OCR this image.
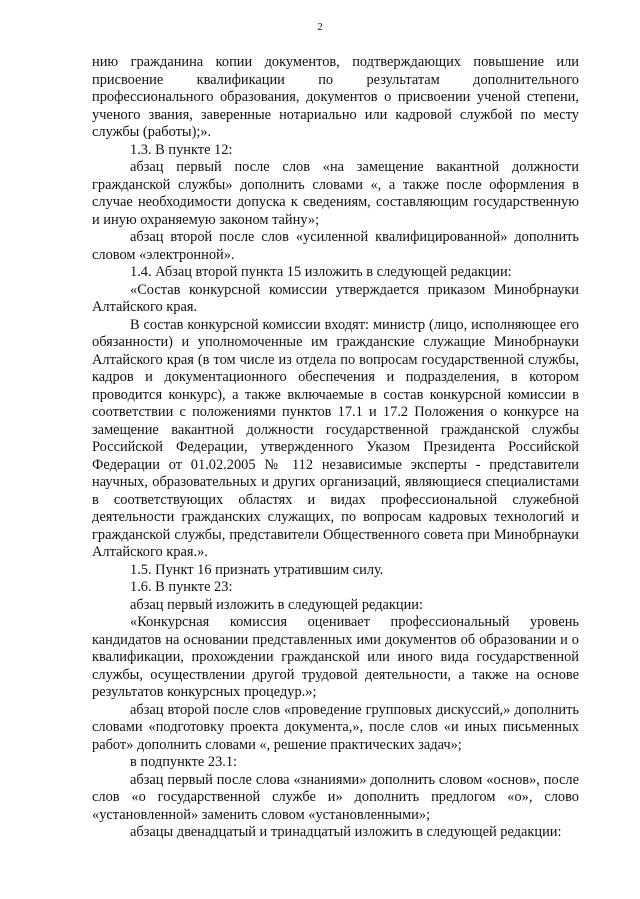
2

нию гражданина копии документов, подтверждающих повышение или присвоение квалификации по результатам дополнительного профессионального образования, документов о присвоении ученой степени, ученого звания, заверенные нотариально или кадровой службой по месту службы (работы);».

1.3. В пункте 12:

абзац первый после слов «на замещение вакантной должности гражданской службы» дополнить словами «, а также после оформления в случае необходимости допуска к сведениям, составляющим государственную и иную охраняемую законом тайну»;

абзац второй после слов «усиленной квалифицированной» дополнить словом «электронной».

1.4. Абзац второй пункта 15 изложить в следующей редакции:

«Состав конкурсной комиссии утверждается приказом Минобрнауки Алтайского края.

В состав конкурсной комиссии входят: министр (лицо, исполняющее его обязанности) и уполномоченные им гражданские служащие Минобрнауки Алтайского края (в том числе из отдела по вопросам государственной службы, кадров и документационного обеспечения и подразделения, в котором проводится конкурс), а также включаемые в состав конкурсной комиссии в соответствии с положениями пунктов 17.1 и 17.2 Положения о конкурсе на замещение вакантной должности государственной гражданской службы Российской Федерации, утвержденного Указом Президента Российской Федерации от 01.02.2005 № 112 независимые эксперты - представители научных, образовательных и других организаций, являющиеся специалистами в соответствующих областях и видах профессиональной служебной деятельности гражданских служащих, по вопросам кадровых технологий и гражданской службы, представители Общественного совета при Минобрнауки Алтайского края.».

1.5. Пункт 16 признать утратившим силу.

1.6. В пункте 23:

абзац первый изложить в следующей редакции:

«Конкурсная комиссия оценивает профессиональный уровень кандидатов на основании представленных ими документов об образовании и о квалификации, прохождении гражданской или иного вида государственной службы, осуществлении другой трудовой деятельности, а также на основе результатов конкурсных процедур.»;

абзац второй после слов «проведение групповых дискуссий,» дополнить словами «подготовку проекта документа,», после слов «и иных письменных работ» дополнить словами «, решение практических задач»;

в подпункте 23.1:

абзац первый после слова «знаниями» дополнить словом «основ», после слов «о государственной службе и» дополнить предлогом «о», слово «установленной» заменить словом «установленными»;

абзацы двенадцатый и тринадцатый изложить в следующей редакции:
